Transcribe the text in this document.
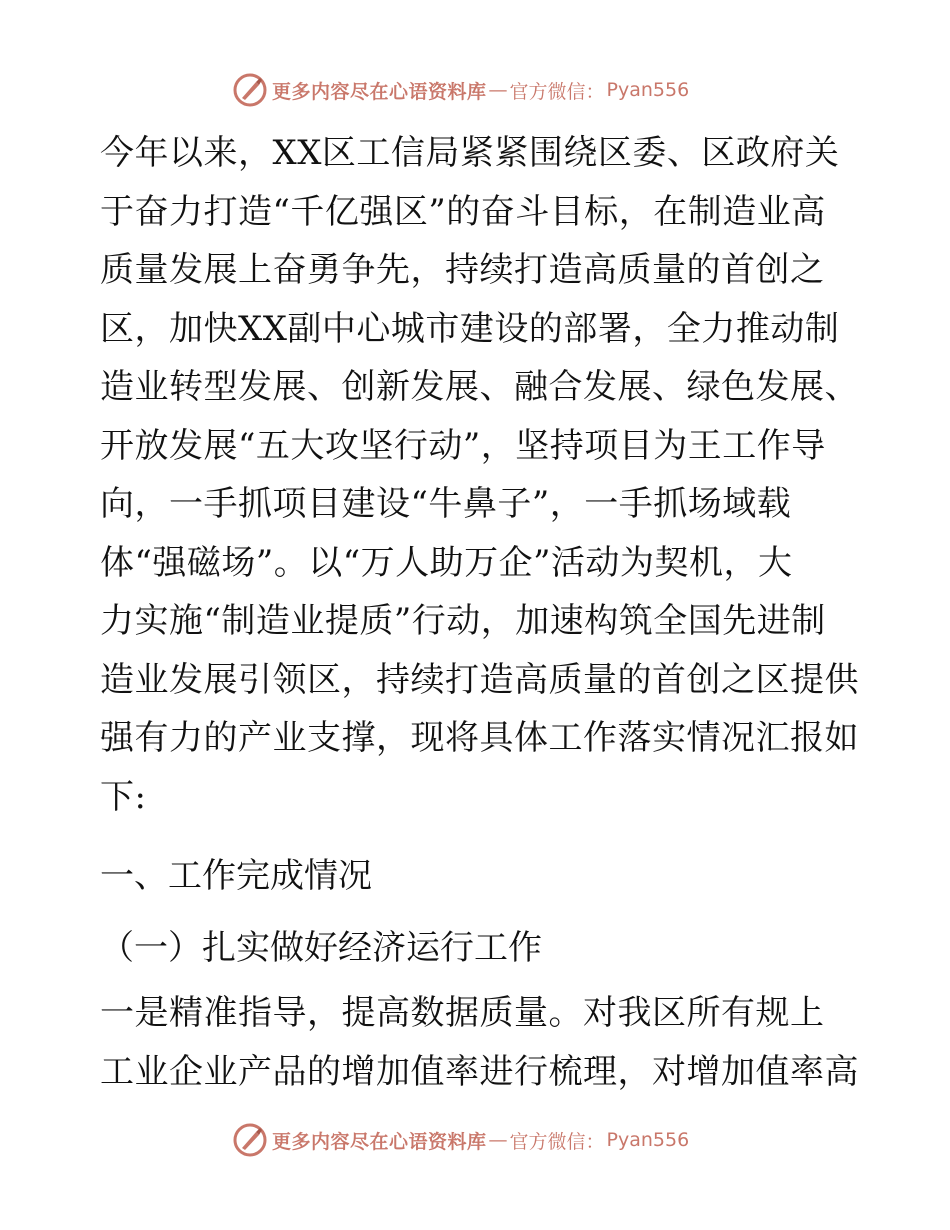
更多内容尽在心语资料库 — 官方微信： Pyan556
今年以来，XX区工信局紧紧围绕区委、区政府关
于奋力打造“千亿强区”的奋斗目标，在制造业高
质量发展上奋勇争先，持续打造高质量的首创之
区，加快XX副中心城市建设的部署，全力推动制
造业转型发展、创新发展、融合发展、绿色发展、
开放发展“五大攻坚行动”，坚持项目为王工作导
向，一手抓项目建设“牛鼻子”，一手抓场域载
体“强磁场”。以“万人助万企”活动为契机，大
力实施“制造业提质”行动，加速构筑全国先进制
造业发展引领区，持续打造高质量的首创之区提供
强有力的产业支撑，现将具体工作落实情况汇报如
下:
一、工作完成情况
（一）扎实做好经济运行工作
一是精准指导，提高数据质量。对我区所有规上
工业企业产品的增加值率进行梳理，对增加值率高
更多内容尽在心语资料库 — 官方微信： Pyan556
